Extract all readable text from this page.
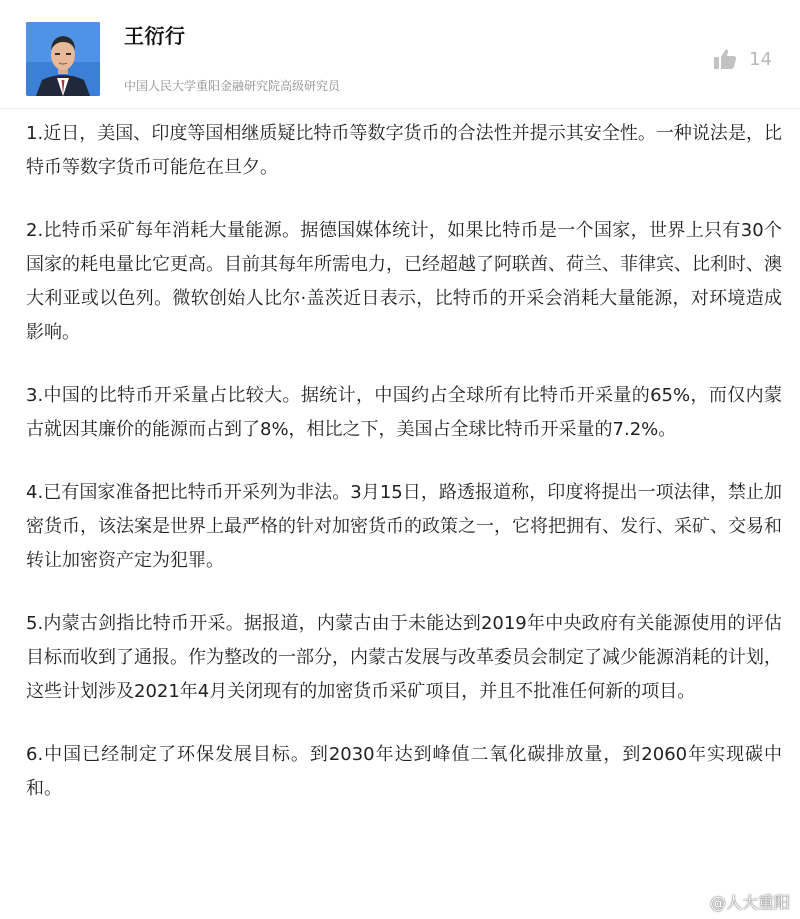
王衍行
中国人民大学重阳金融研究院高级研究员
14

1.近日，美国、印度等国相继质疑比特币等数字货币的合法性并提示其安全性。一种说法是，比特币等数字货币可能危在旦夕。

2.比特币采矿每年消耗大量能源。据德国媒体统计，如果比特币是一个国家，世界上只有30个国家的耗电量比它更高。目前其每年所需电力，已经超越了阿联酋、荷兰、菲律宾、比利时、澳大利亚或以色列。微软创始人比尔·盖茨近日表示，比特币的开采会消耗大量能源，对环境造成影响。

3.中国的比特币开采量占比较大。据统计，中国约占全球所有比特币开采量的65%，而仅内蒙古就因其廉价的能源而占到了8%，相比之下，美国占全球比特币开采量的7.2%。

4.已有国家准备把比特币开采列为非法。3月15日，路透报道称，印度将提出一项法律，禁止加密货币，该法案是世界上最严格的针对加密货币的政策之一，它将把拥有、发行、采矿、交易和转让加密资产定为犯罪。

5.内蒙古剑指比特币开采。据报道，内蒙古由于未能达到2019年中央政府有关能源使用的评估目标而收到了通报。作为整改的一部分，内蒙古发展与改革委员会制定了减少能源消耗的计划，这些计划涉及2021年4月关闭现有的加密货币采矿项目，并且不批准任何新的项目。

6.中国已经制定了环保发展目标。到2030年达到峰值二氧化碳排放量，到2060年实现碳中和。

@人大重阳
